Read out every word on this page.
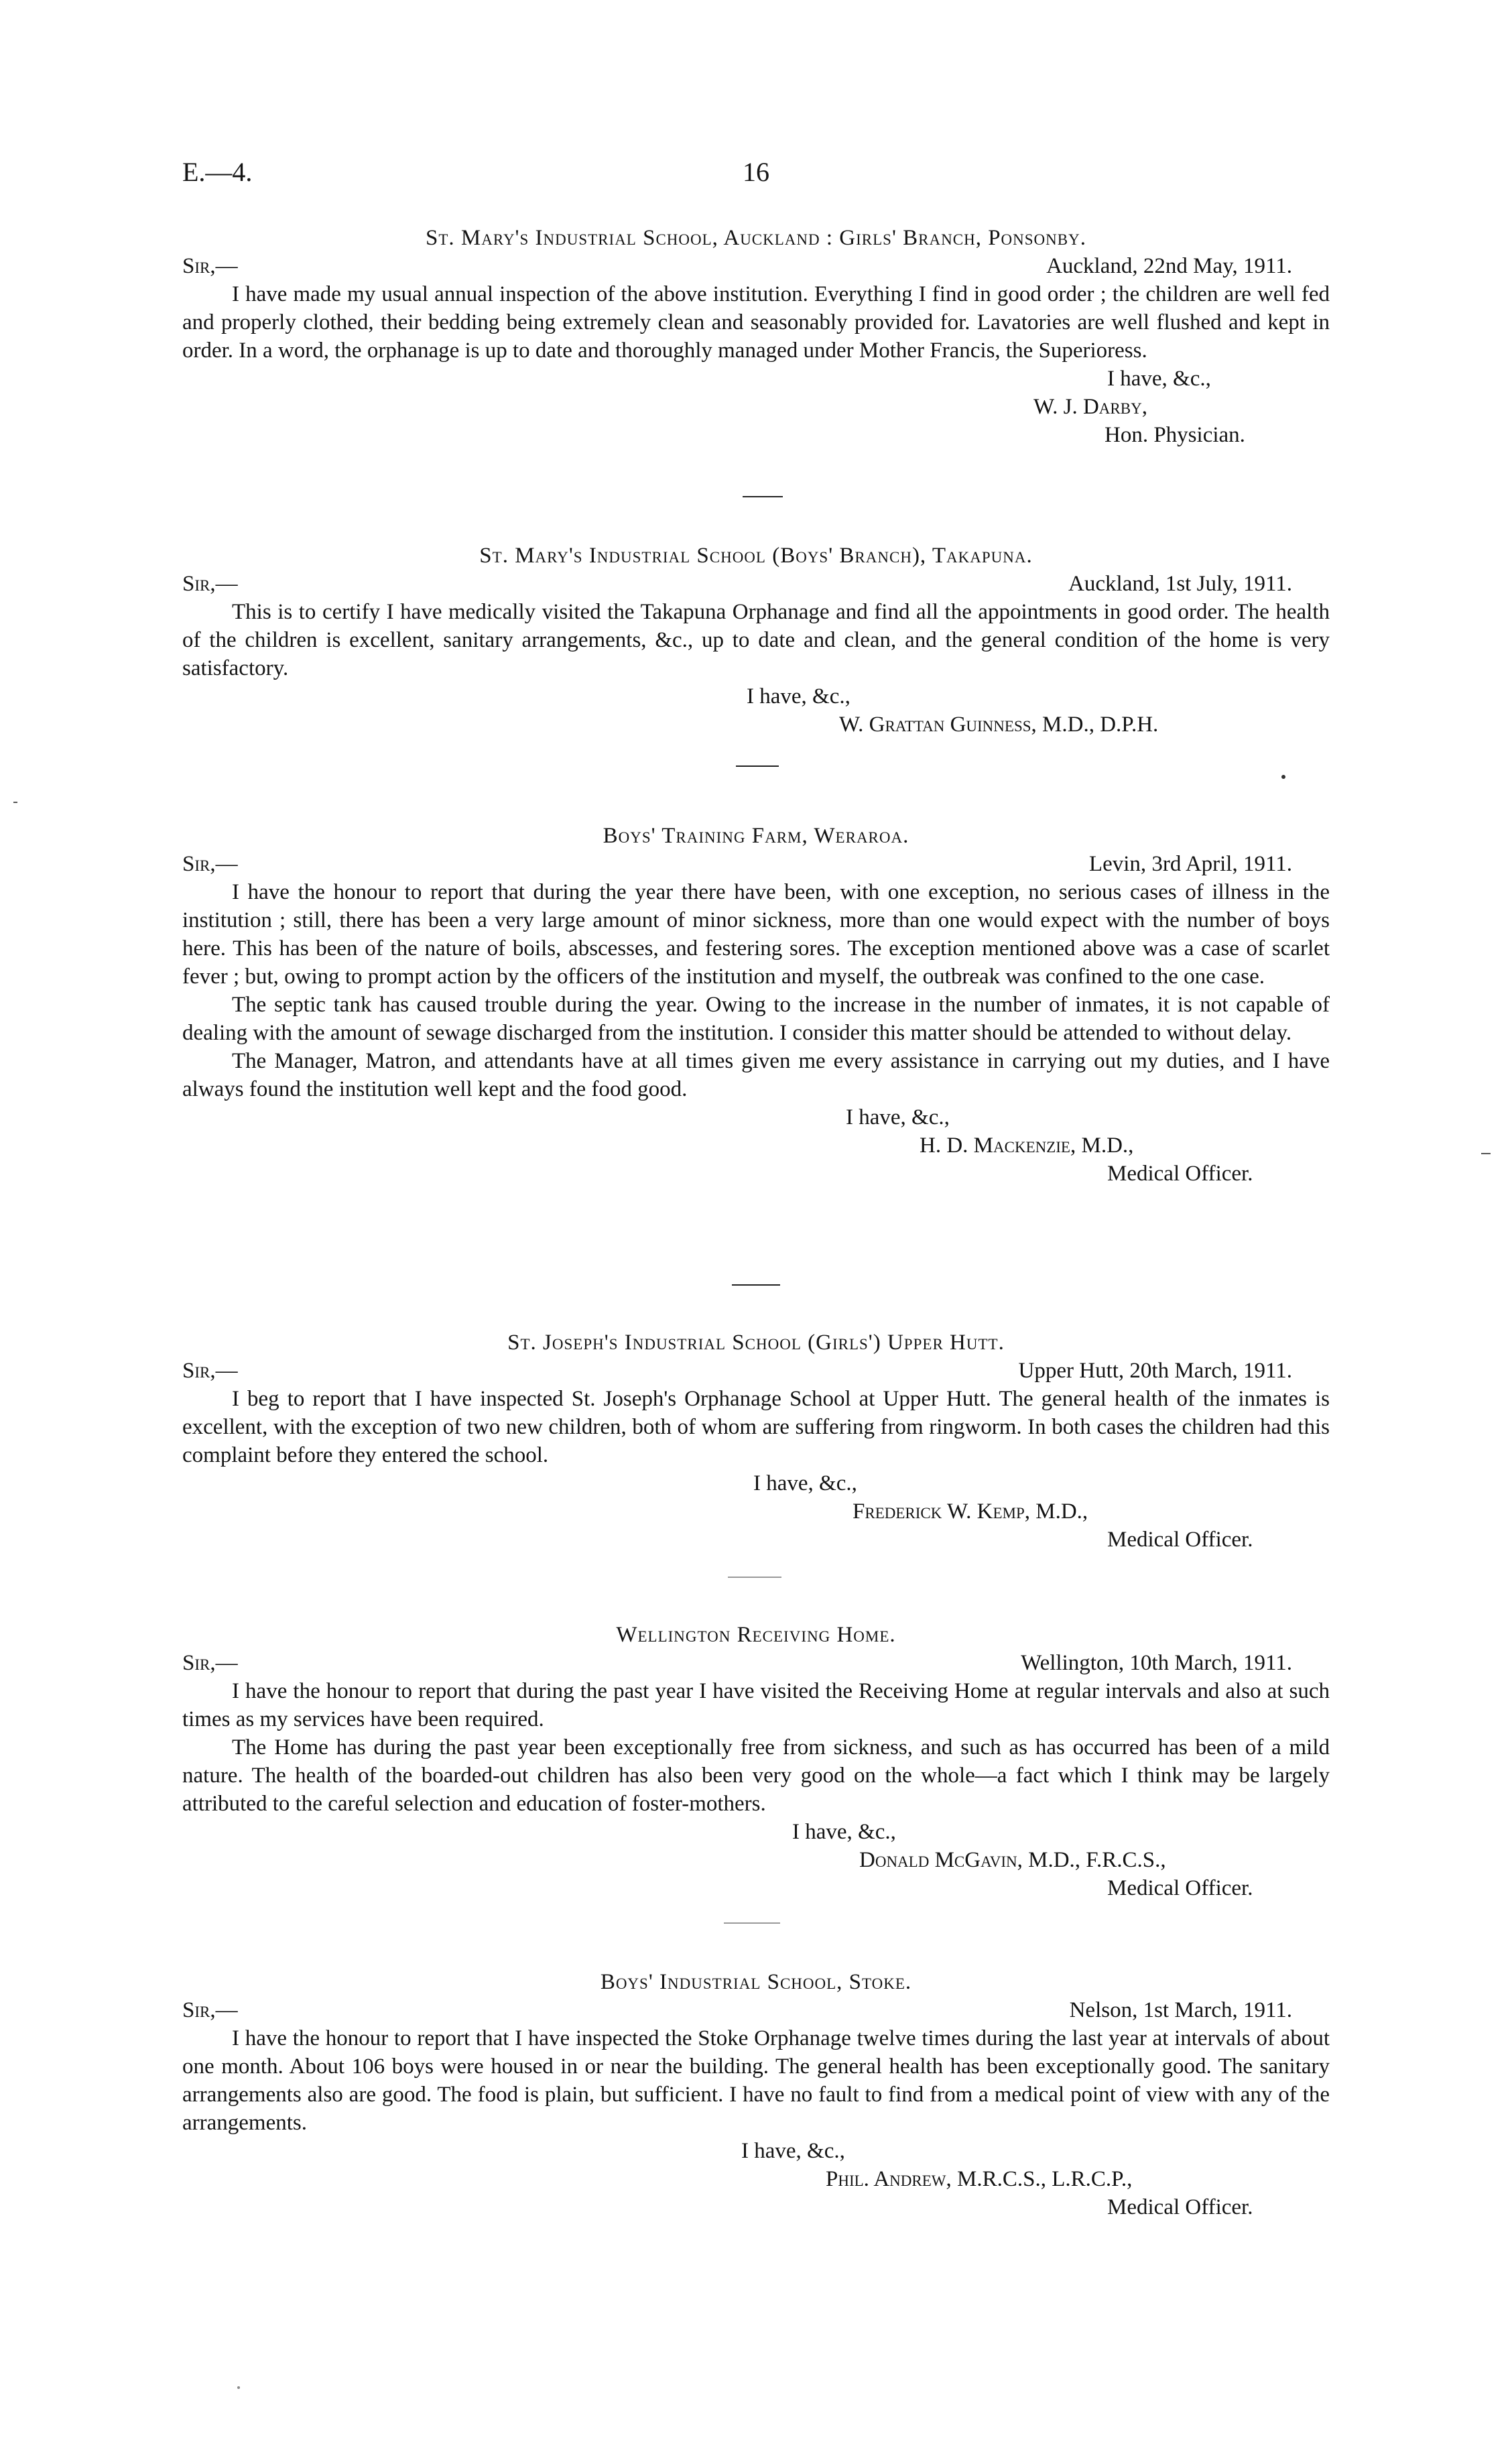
E.—4.	16
St. Mary's Industrial School, Auckland : Girls' Branch, Ponsonby.
Sir,—	Auckland, 22nd May, 1911.

I have made my usual annual inspection of the above institution. Everything I find in good order ; the children are well fed and properly clothed, their bedding being extremely clean and seasonably provided for. Lavatories are well flushed and kept in order. In a word, the orphanage is up to date and thoroughly managed under Mother Francis, the Superioress.

I have, &c.,
W. J. Darby,
Hon. Physician.
St. Mary's Industrial School (Boys' Branch), Takapuna.
Sir,—	Auckland, 1st July, 1911.

This is to certify I have medically visited the Takapuna Orphanage and find all the appointments in good order. The health of the children is excellent, sanitary arrangements, &c., up to date and clean, and the general condition of the home is very satisfactory.

I have, &c.,
W. Grattan Guinness, M.D., D.P.H.
Boys' Training Farm, Weraroa.
Sir,—	Levin, 3rd April, 1911.

I have the honour to report that during the year there have been, with one exception, no serious cases of illness in the institution ; still, there has been a very large amount of minor sickness, more than one would expect with the number of boys here. This has been of the nature of boils, abscesses, and festering sores. The exception mentioned above was a case of scarlet fever ; but, owing to prompt action by the officers of the institution and myself, the outbreak was confined to the one case.

The septic tank has caused trouble during the year. Owing to the increase in the number of inmates, it is not capable of dealing with the amount of sewage discharged from the institution. I consider this matter should be attended to without delay.

The Manager, Matron, and attendants have at all times given me every assistance in carrying out my duties, and I have always found the institution well kept and the food good.

I have, &c.,
H. D. Mackenzie, M.D.,
Medical Officer.
St. Joseph's Industrial School (Girls') Upper Hutt.
Sir,—	Upper Hutt, 20th March, 1911.

I beg to report that I have inspected St. Joseph's Orphanage School at Upper Hutt. The general health of the inmates is excellent, with the exception of two new children, both of whom are suffering from ringworm. In both cases the children had this complaint before they entered the school.

I have, &c.,
Frederick W. Kemp, M.D.,
Medical Officer.
Wellington Receiving Home.
Sir,—	Wellington, 10th March, 1911.

I have the honour to report that during the past year I have visited the Receiving Home at regular intervals and also at such times as my services have been required.

The Home has during the past year been exceptionally free from sickness, and such as has occurred has been of a mild nature. The health of the boarded-out children has also been very good on the whole—a fact which I think may be largely attributed to the careful selection and education of foster-mothers.

I have, &c.,
Donald McGavin, M.D., F.R.C.S.,
Medical Officer.
Boys' Industrial School, Stoke.
Sir,—	Nelson, 1st March, 1911.

I have the honour to report that I have inspected the Stoke Orphanage twelve times during the last year at intervals of about one month. About 106 boys were housed in or near the building. The general health has been exceptionally good. The sanitary arrangements also are good. The food is plain, but sufficient. I have no fault to find from a medical point of view with any of the arrangements.

I have, &c.,
Phil. Andrew, M.R.C.S., L.R.C.P.,
Medical Officer.
